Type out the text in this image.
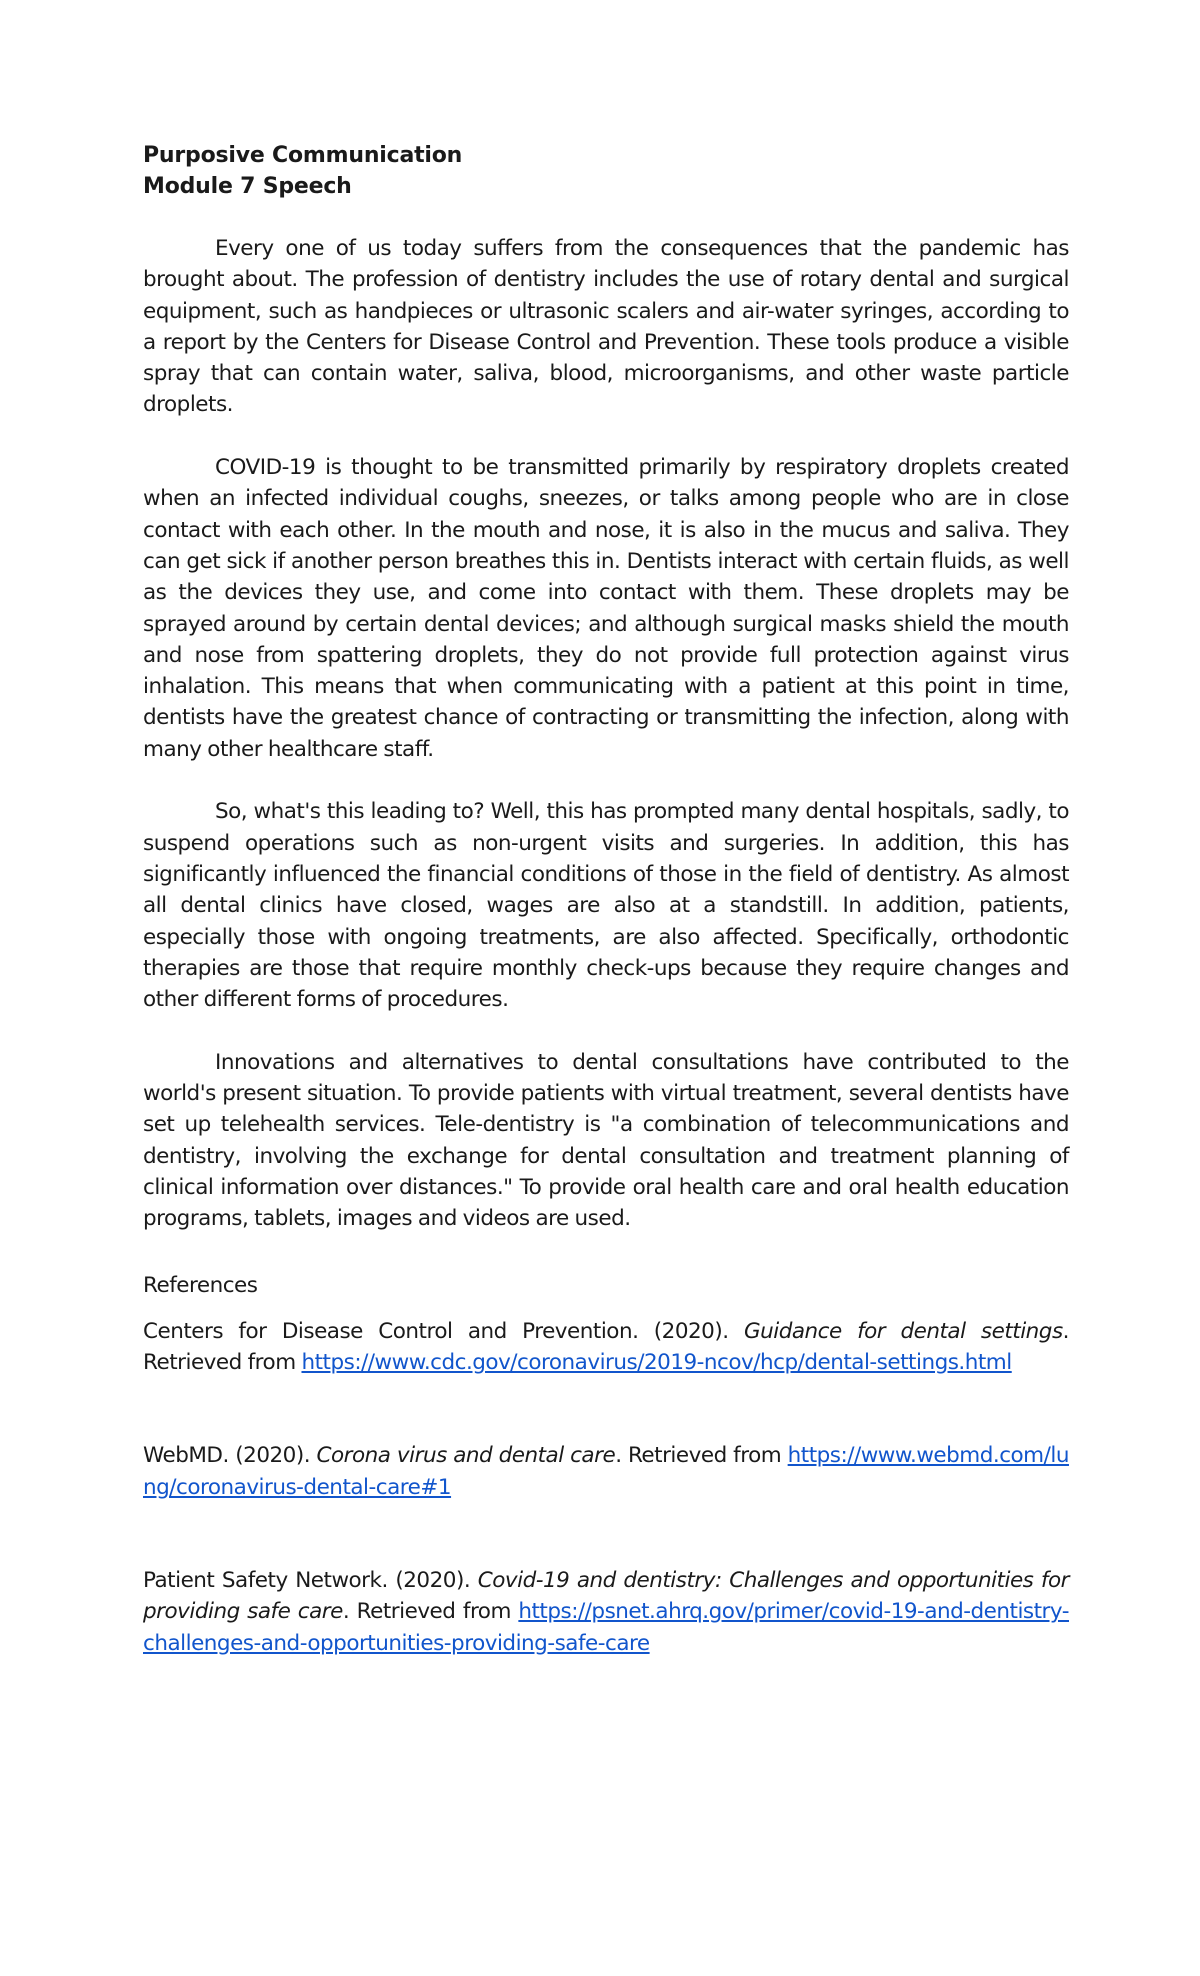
Purposive Communication

Module 7 Speech

Every one of us today suffers from the consequences that the pandemic has brought about. The profession of dentistry includes the use of rotary dental and surgical equipment, such as handpieces or ultrasonic scalers and air-water syringes, according to a report by the Centers for Disease Control and Prevention. These tools produce a visible spray that can contain water, saliva, blood, microorganisms, and other waste particle droplets.

COVID-19 is thought to be transmitted primarily by respiratory droplets created when an infected individual coughs, sneezes, or talks among people who are in close contact with each other. In the mouth and nose, it is also in the mucus and saliva. They can get sick if another person breathes this in. Dentists interact with certain fluids, as well as the devices they use, and come into contact with them. These droplets may be sprayed around by certain dental devices; and although surgical masks shield the mouth and nose from spattering droplets, they do not provide full protection against virus inhalation. This means that when communicating with a patient at this point in time, dentists have the greatest chance of contracting or transmitting the infection, along with many other healthcare staff.

So, what's this leading to? Well, this has prompted many dental hospitals, sadly, to suspend operations such as non-urgent visits and surgeries. In addition, this has significantly influenced the financial conditions of those in the field of dentistry. As almost all dental clinics have closed, wages are also at a standstill. In addition, patients, especially those with ongoing treatments, are also affected. Specifically, orthodontic therapies are those that require monthly check-ups because they require changes and other different forms of procedures.

Innovations and alternatives to dental consultations have contributed to the world's present situation. To provide patients with virtual treatment, several dentists have set up telehealth services. Tele-dentistry is "a combination of telecommunications and dentistry, involving the exchange for dental consultation and treatment planning of clinical information over distances." To provide oral health care and oral health education programs, tablets, images and videos are used.

References

Centers for Disease Control and Prevention. (2020). Guidance for dental settings. Retrieved from https://www.cdc.gov/coronavirus/2019-ncov/hcp/dental-settings.html

WebMD. (2020). Corona virus and dental care. Retrieved from https://www.webmd.com/lung/coronavirus-dental-care#1

Patient Safety Network. (2020). Covid-19 and dentistry: Challenges and opportunities for providing safe care. Retrieved from https://psnet.ahrq.gov/primer/covid-19-and-dentistry-challenges-and-opportunities-providing-safe-care
